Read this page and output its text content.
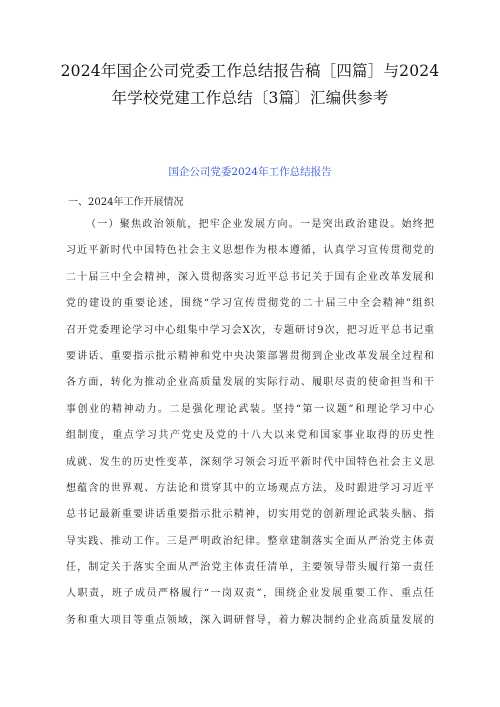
2024年国企公司党委工作总结报告稿［四篇］与2024
年学校党建工作总结〔3篇〕汇编供参考
国企公司党委2024年工作总结报告
一、2024年工作开展情况
（一）聚焦政治领航，把牢企业发展方向。一是突出政治建设。始终把
习近平新时代中国特色社会主义思想作为根本遵循，认真学习宣传贯彻党的
二十届三中全会精神，深入贯彻落实习近平总书记关于国有企业改革发展和
党的建设的重要论述，围绕“学习宣传贯彻党的二十届三中全会精神”组织
召开党委理论学习中心组集中学习会X次，专题研讨9次，把习近平总书记重
要讲话、重要指示批示精神和党中央决策部署贯彻到企业改革发展全过程和
各方面，转化为推动企业高质量发展的实际行动、履职尽责的使命担当和干
事创业的精神动力。二是强化理论武装。坚持“第一议题”和理论学习中心
组制度，重点学习共产党史及党的十八大以来党和国家事业取得的历史性
成就、发生的历史性变革，深刻学习领会习近平新时代中国特色社会主义思
想蕴含的世界观、方法论和贯穿其中的立场观点方法，及时跟进学习习近平
总书记最新重要讲话重要指示批示精神，切实用党的创新理论武装头脑、指
导实践、推动工作。三是严明政治纪律。整章建制落实全面从严治党主体责
任，制定关于落实全面从严治党主体责任清单，主要领导带头履行第一责任
人职责，班子成员严格履行“一岗双责”，围绕企业发展重要工作、重点任
务和重大项目等重点领域，深入调研督导，着力解决制约企业高质量发展的
